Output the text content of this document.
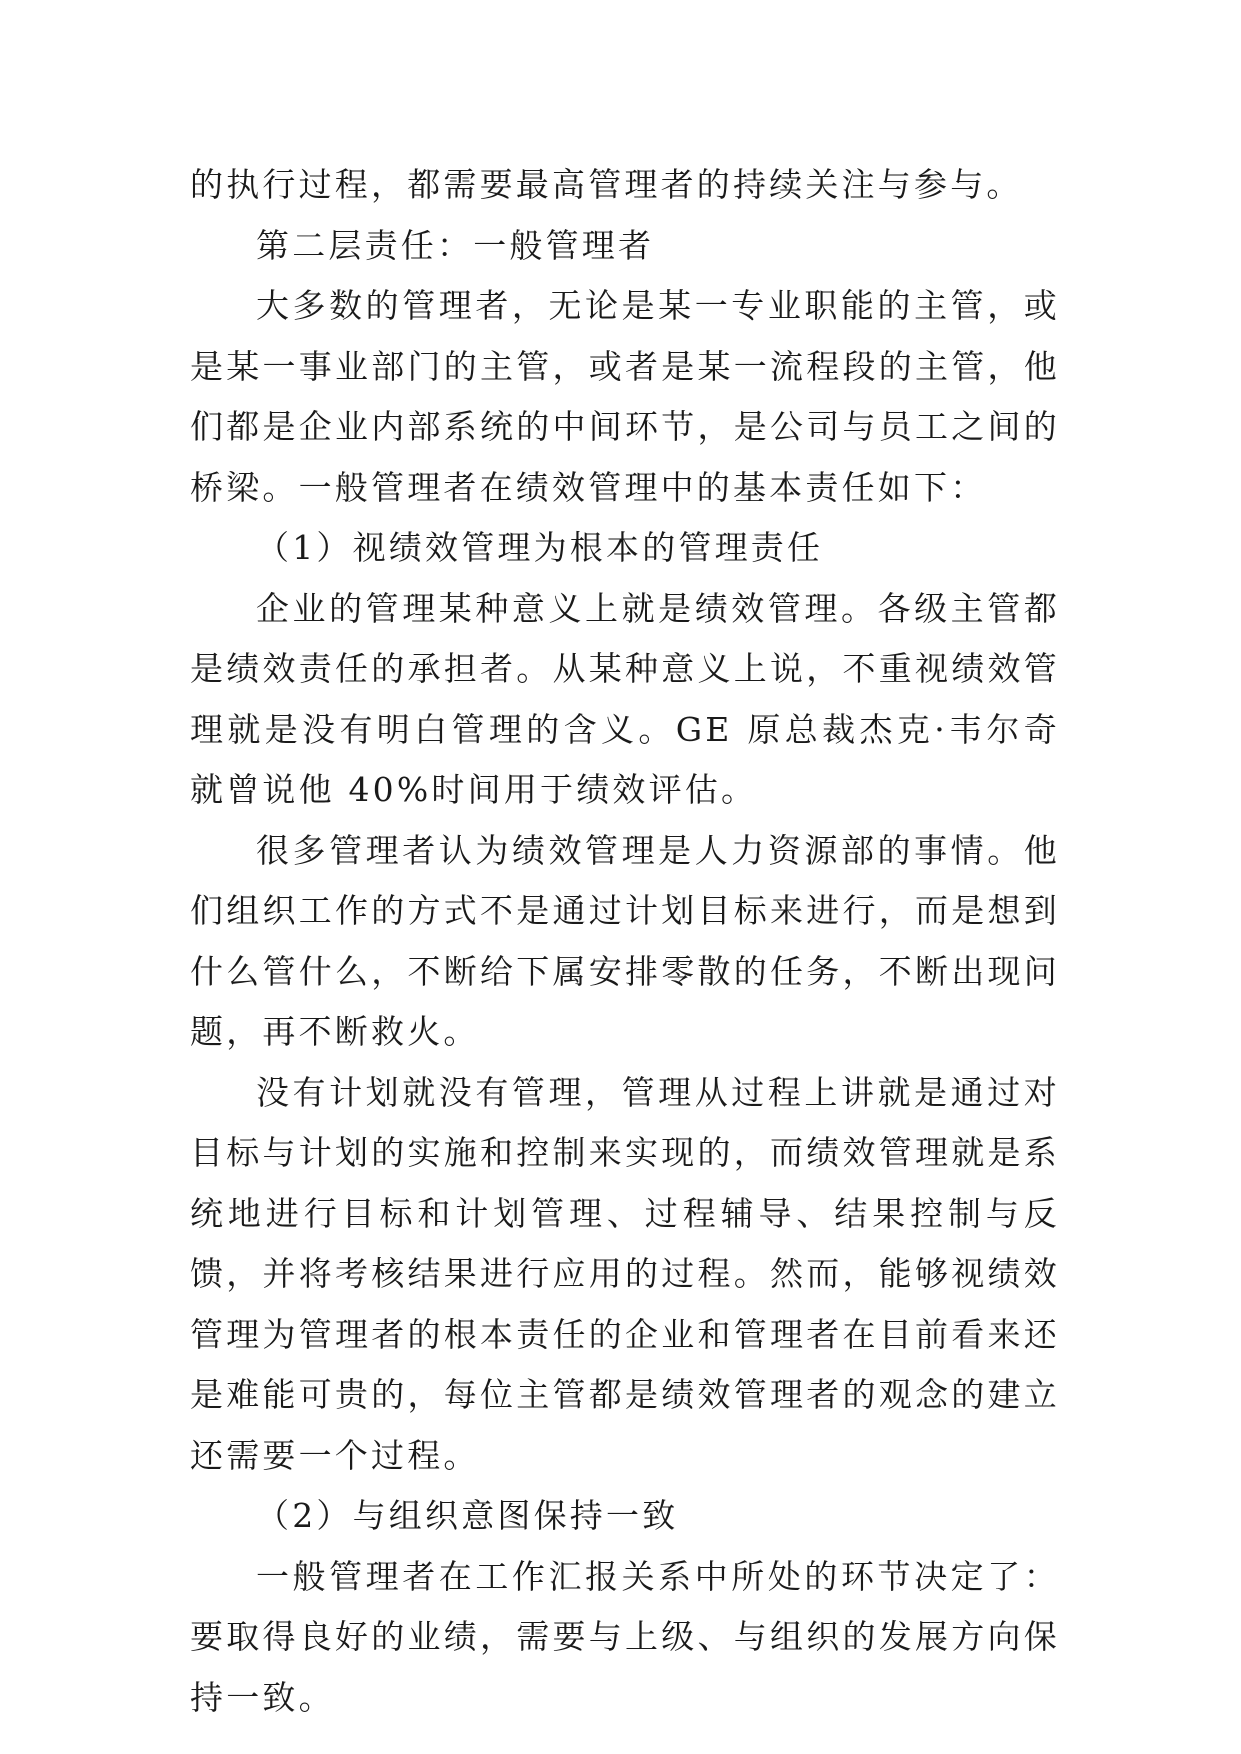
的执行过程，都需要最高管理者的持续关注与参与。

第二层责任：一般管理者

大多数的管理者，无论是某一专业职能的主管，或是某一事业部门的主管，或者是某一流程段的主管，他们都是企业内部系统的中间环节，是公司与员工之间的桥梁。一般管理者在绩效管理中的基本责任如下：

（1）视绩效管理为根本的管理责任

企业的管理某种意义上就是绩效管理。各级主管都是绩效责任的承担者。从某种意义上说，不重视绩效管理就是没有明白管理的含义。GE 原总裁杰克·韦尔奇就曾说他 40%时间用于绩效评估。

很多管理者认为绩效管理是人力资源部的事情。他们组织工作的方式不是通过计划目标来进行，而是想到什么管什么，不断给下属安排零散的任务，不断出现问题，再不断救火。

没有计划就没有管理，管理从过程上讲就是通过对目标与计划的实施和控制来实现的，而绩效管理就是系统地进行目标和计划管理、过程辅导、结果控制与反馈，并将考核结果进行应用的过程。然而，能够视绩效管理为管理者的根本责任的企业和管理者在目前看来还是难能可贵的，每位主管都是绩效管理者的观念的建立还需要一个过程。

（2）与组织意图保持一致

一般管理者在工作汇报关系中所处的环节决定了：要取得良好的业绩，需要与上级、与组织的发展方向保持一致。
